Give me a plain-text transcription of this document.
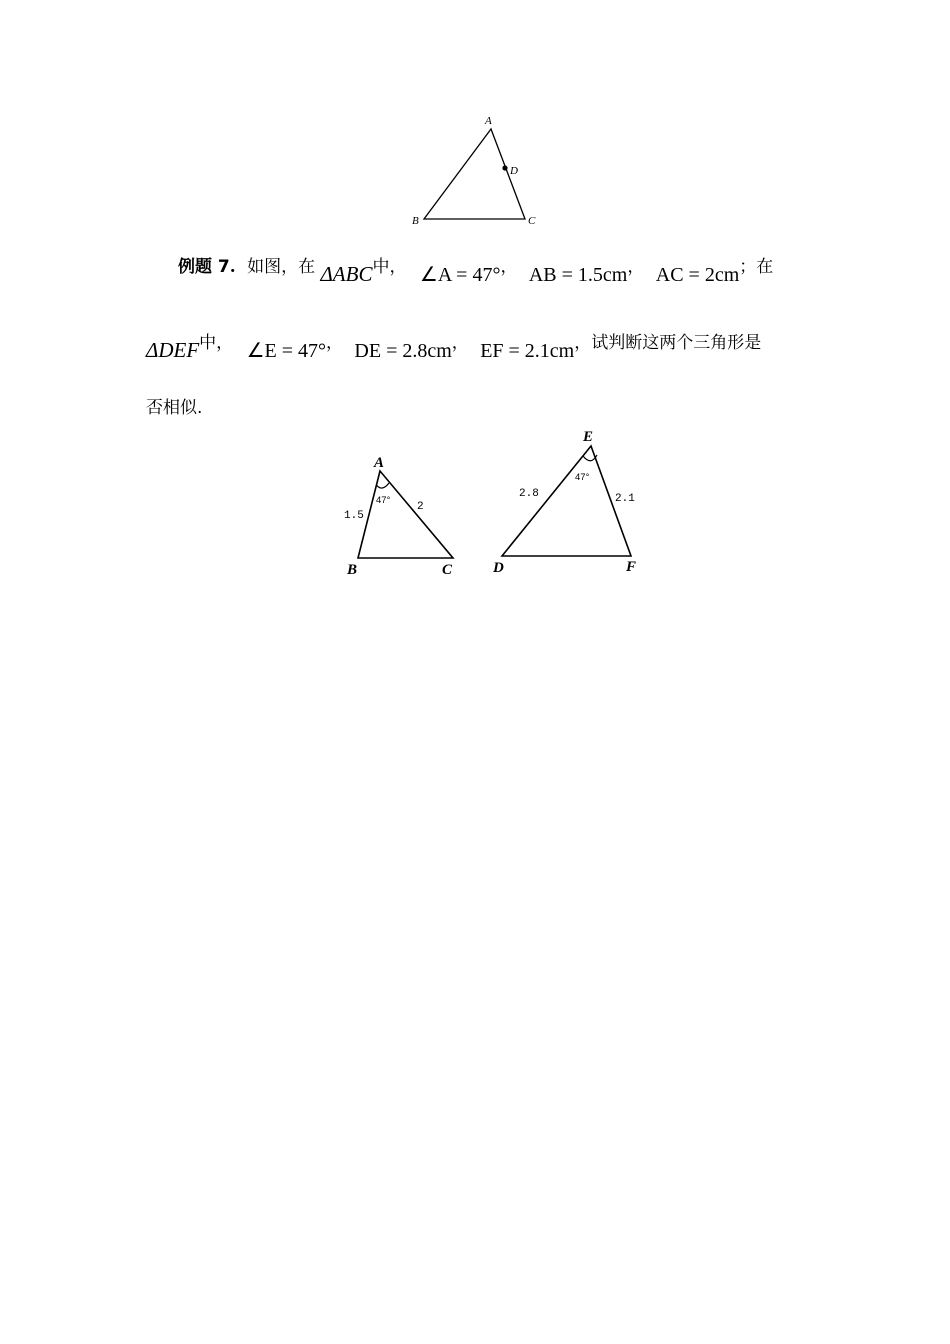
A
B	C
D
例题 7. 如图，在 ΔABC中， ∠A = 47°， AB = 1.5cm， AC = 2cm；在
ΔDEF中， ∠E = 47°， DE = 2.8cm， EF = 2.1cm，试判断这两个三角形是
否相似.
A
B	C
1.5
2
47°
E
D	F
2.8	2.1
47°
